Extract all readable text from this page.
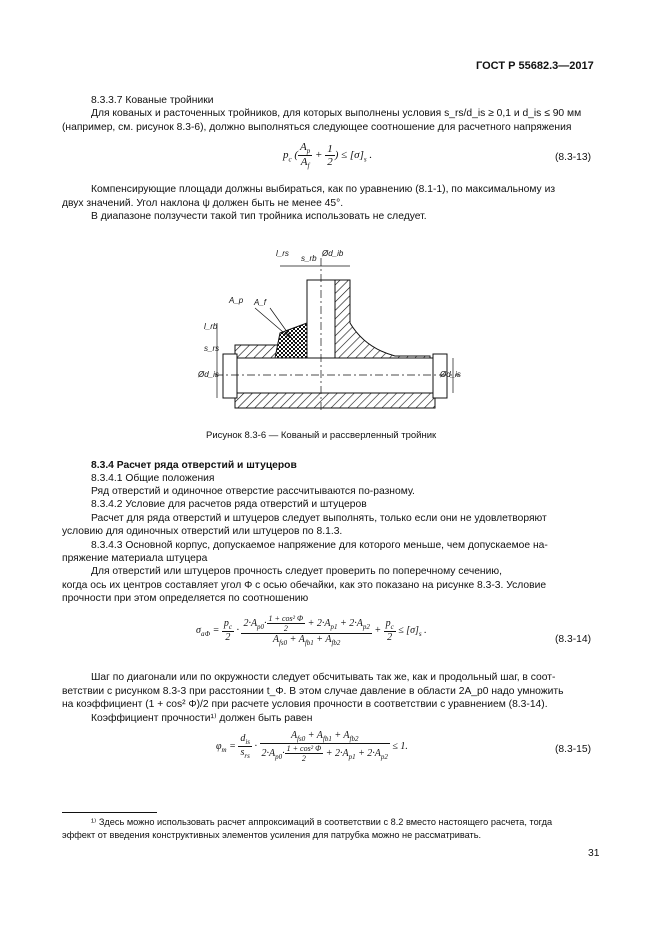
ГОСТ Р 55682.3—2017
8.3.3.7 Кованые тройники
Для кованых и расточенных тройников, для которых выполнены условия s_rs/d_is ≥ 0,1 и d_is ≤ 90 мм
(например, см. рисунок 8.3-6), должно выполняться следующее соотношение для расчетного напряжения
$p_c$ ( $\frac{A_p}{A_f} + \frac{1}{2}$ ) ≤ $[\sigma]_s$ .	(8.3-13)
Компенсирующие площади должны выбираться, как по уравнению (8.1-1), по максимальному из
двух значений. Угол наклона ψ должен быть не менее 45°.
В диапазоне ползучести такой тип тройника использовать не следует.
l_rs
s_rb
Ød_ib
A_p A_f
l_rb
s_rs
Ød_is	Ød_is
Рисунок 8.3-6 — Кованый и рассверленный тройник
8.3.4 Расчет ряда отверстий и штуцеров
8.3.4.1 Общие положения
Ряд отверстий и одиночное отверстие рассчитываются по-разному.
8.3.4.2 Условие для расчетов ряда отверстий и штуцеров
Расчет для ряда отверстий и штуцеров следует выполнять, только если они не удовлетворяют
условию для одиночных отверстий или штуцеров по 8.1.3.
8.3.4.3 Основной корпус, допускаемое напряжение для которого меньше, чем допускаемое на-
пряжение материала штуцера
Для отверстий или штуцеров прочность следует проверить по поперечному сечению,
когда ось их центров составляет угол Φ с осью обечайки, как это показано на рисунке 8.3-3. Условие
прочности при этом определяется по соотношению
$\sigma_{аФ} = \frac{p_c}{2} \cdot \frac{2\cdot A_{p0}\cdot \frac{\text{1 + cos² Φ}}{2} + 2\cdot A_{p1} + 2\cdot A_{p2}}{A_{fs0} + A_{fb1} + A_{fb2}} + \frac{p_c}{2} \le [\sigma]_s$ .
(8.3-14)
Шаг по диагонали или по окружности следует обсчитывать так же, как и продольный шаг, в соот-
ветствии с рисунком 8.3-3 при расстоянии t_Φ. В этом случае давление в области 2A_p0 надо умножить
на коэффициент (1 + cos² Φ)/2 при расчете условия прочности в соответствии с уравнением (8.3-14).
Коэффициент прочности¹⁾ должен быть равен
$\varphi_m = \frac{d_{is}}{s_{rs}} \cdot \frac{A_{fs0} + A_{fb1} + A_{fb2}}{2\cdot A_{p0}\cdot \frac{\text{1 + cos² Φ}}{2} + 2\cdot A_{p1} + 2\cdot A_{p2}} \le 1$.	(8.3-15)
¹⁾ Здесь можно использовать расчет аппроксимаций в соответствии с 8.2 вместо настоящего расчета, тогда
эффект от введения конструктивных элементов усиления для патрубка можно не рассматривать.
31
